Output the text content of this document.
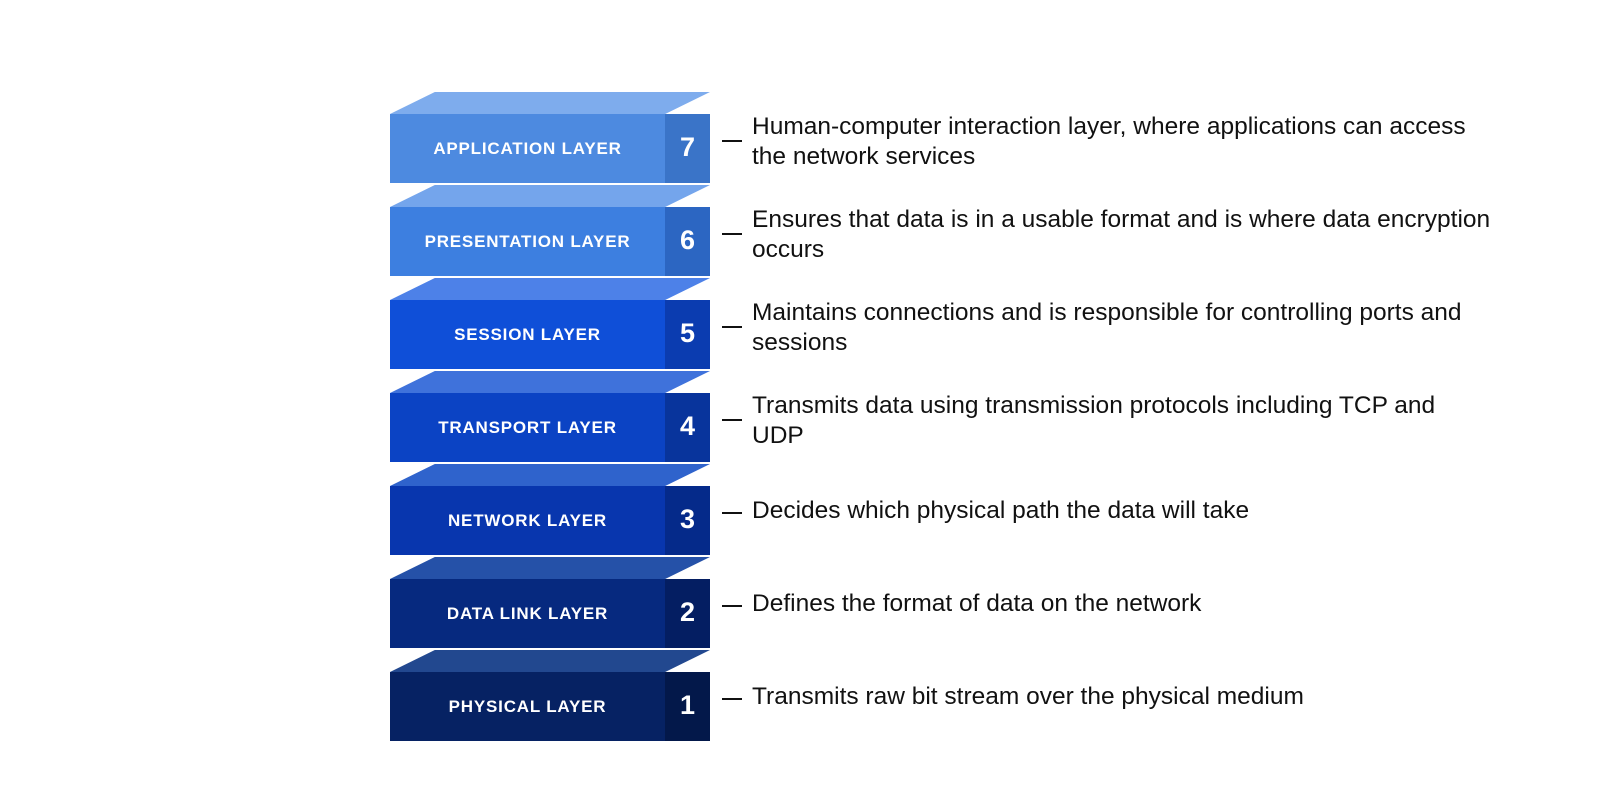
APPLICATION LAYER 7
Human-computer interaction layer, where applications can access the network services
PRESENTATION LAYER 6
Ensures that data is in a usable format and is where data encryption occurs
SESSION LAYER	5
Maintains connections and is responsible for controlling ports and sessions
TRANSPORT LAYER 4
Transmits data using transmission protocols including TCP and UDP
NETWORK LAYER	3 Decides which physical path the data will take
DATA LINK LAYER	2 Defines the format of data on the network
PHYSICAL LAYER	1 Transmits raw bit stream over the physical medium
